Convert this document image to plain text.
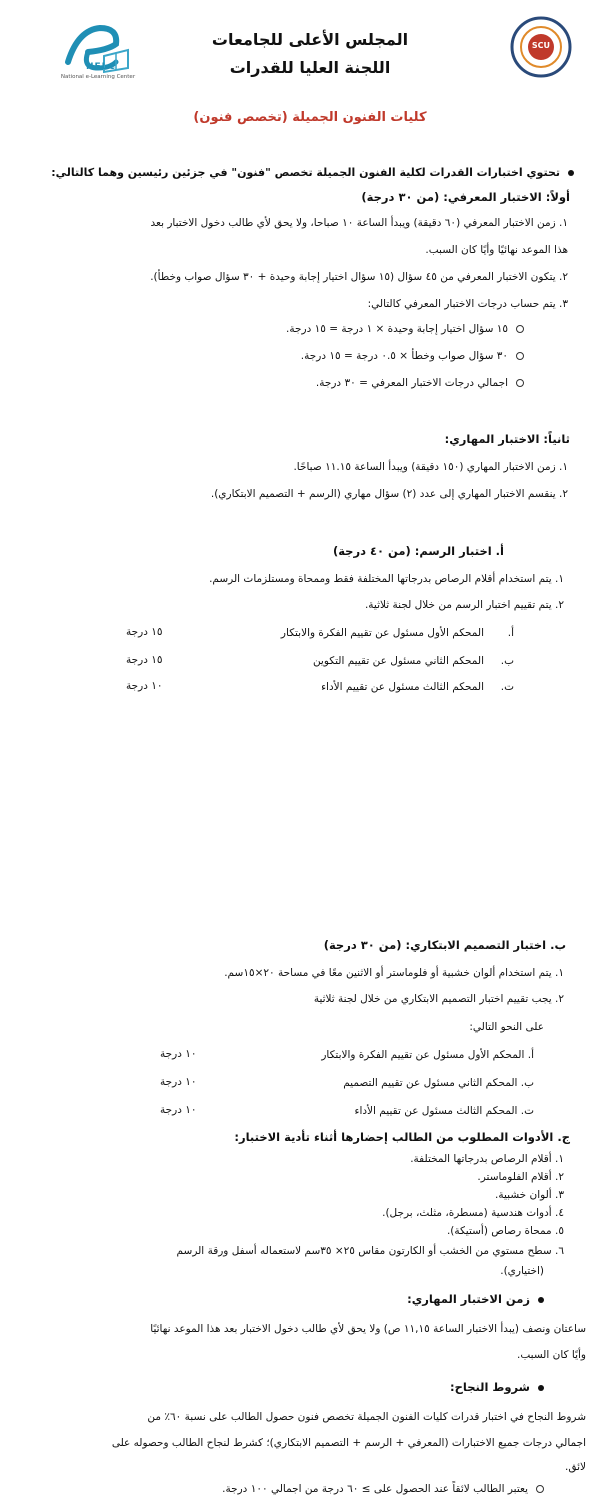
NELC
National e-Learning Center
SCU
المجلس الأعلى للجامعات
اللجنة العليا للقدرات
كليات الفنون الجميلة (تخصص فنون)
تحتوي اختبارات القدرات لكلية الفنون الجميلة تخصص "فنون" في جزئين رئيسين وهما كالتالي:
أولاً: الاختبار المعرفي: (من ٣٠ درجة)
١. زمن الاختبار المعرفي (٦٠ دقيقة) ويبدأ الساعة ١٠ صباحا، ولا يحق لأي طالب دخول الاختبار بعد
هذا الموعد نهائيًا وأيًا كان السبب.
٢. يتكون الاختبار المعرفي من ٤٥ سؤال (١٥ سؤال اختيار إجابة وحيدة + ٣٠ سؤال صواب وخطأ).
٣. يتم حساب درجات الاختبار المعرفي كالتالي:
١٥ سؤال اختيار إجابة وحيدة × ١ درجة = ١٥ درجة.
٣٠ سؤال صواب وخطأ × ٠.٥ درجة = ١٥ درجة.
اجمالي درجات الاختبار المعرفي = ٣٠ درجة.
ثانياً: الاختبار المهاري:
١. زمن الاختبار المهاري (١٥٠ دقيقة) ويبدأ الساعة ١١.١٥ صباحًا.
٢. ينقسم الاختبار المهاري إلى عدد (٢) سؤال مهاري (الرسم + التصميم الابتكاري).
أ. اختبار الرسم: (من ٤٠ درجة)
١. يتم استخدام أقلام الرصاص بدرجاتها المختلفة فقط وممحاة ومستلزمات الرسم.
٢. يتم تقييم اختبار الرسم من خلال لجنة ثلاثية.
أ.المحكم الأول مسئول عن تقييم الفكرة والابتكار
١٥ درجة
ب.المحكم الثاني مسئول عن تقييم التكوين
١٥ درجة
ت.المحكم الثالث مسئول عن تقييم الأداء
١٠ درجة
ب. اختبار التصميم الابتكاري: (من ٣٠ درجة)
١. يتم استخدام ألوان خشبية أو فلوماستر أو الاثنين معًا في مساحة ٢٠×١٥سم.
٢. يجب تقييم اختبار التصميم الابتكاري من خلال لجنة ثلاثية
على النحو التالي:
أ. المحكم الأول مسئول عن تقييم الفكرة والابتكار
١٠ درجة
ب. المحكم الثاني مسئول عن تقييم التصميم
١٠ درجة
ت. المحكم الثالث مسئول عن تقييم الأداء
١٠ درجة
ج. الأدوات المطلوب من الطالب إحضارها أثناء تأدية الاختبار:
١. أقلام الرصاص بدرجاتها المختلفة.
٢. أقلام الفلوماستر.
٣. ألوان خشبية.
٤. أدوات هندسية (مسطرة، مثلث، برجل).
٥. ممحاة رصاص (أستيكة).
٦. سطح مستوي من الخشب أو الكارتون مقاس ٢٥× ٣٥سم لاستعماله أسفل ورقة الرسم
(اختياري).
زمن الاختبار المهاري:
ساعتان ونصف (يبدأ الاختبار الساعة ١١,١٥ ص) ولا يحق لأي طالب دخول الاختبار بعد هذا الموعد نهائيًا
وأيًا كان السبب.
شروط النجاح:
شروط النجاح في اختبار قدرات كليات الفنون الجميلة تخصص فنون حصول الطالب على نسبة ٦٠٪ من
اجمالي درجات جميع الاختبارات (المعرفي + الرسم + التصميم الابتكاري)؛ كشرط لنجاح الطالب وحصوله على
لائق.
يعتبر الطالب لائقاً عند الحصول على ≥ ٦٠ درجة من اجمالي ١٠٠ درجة.
